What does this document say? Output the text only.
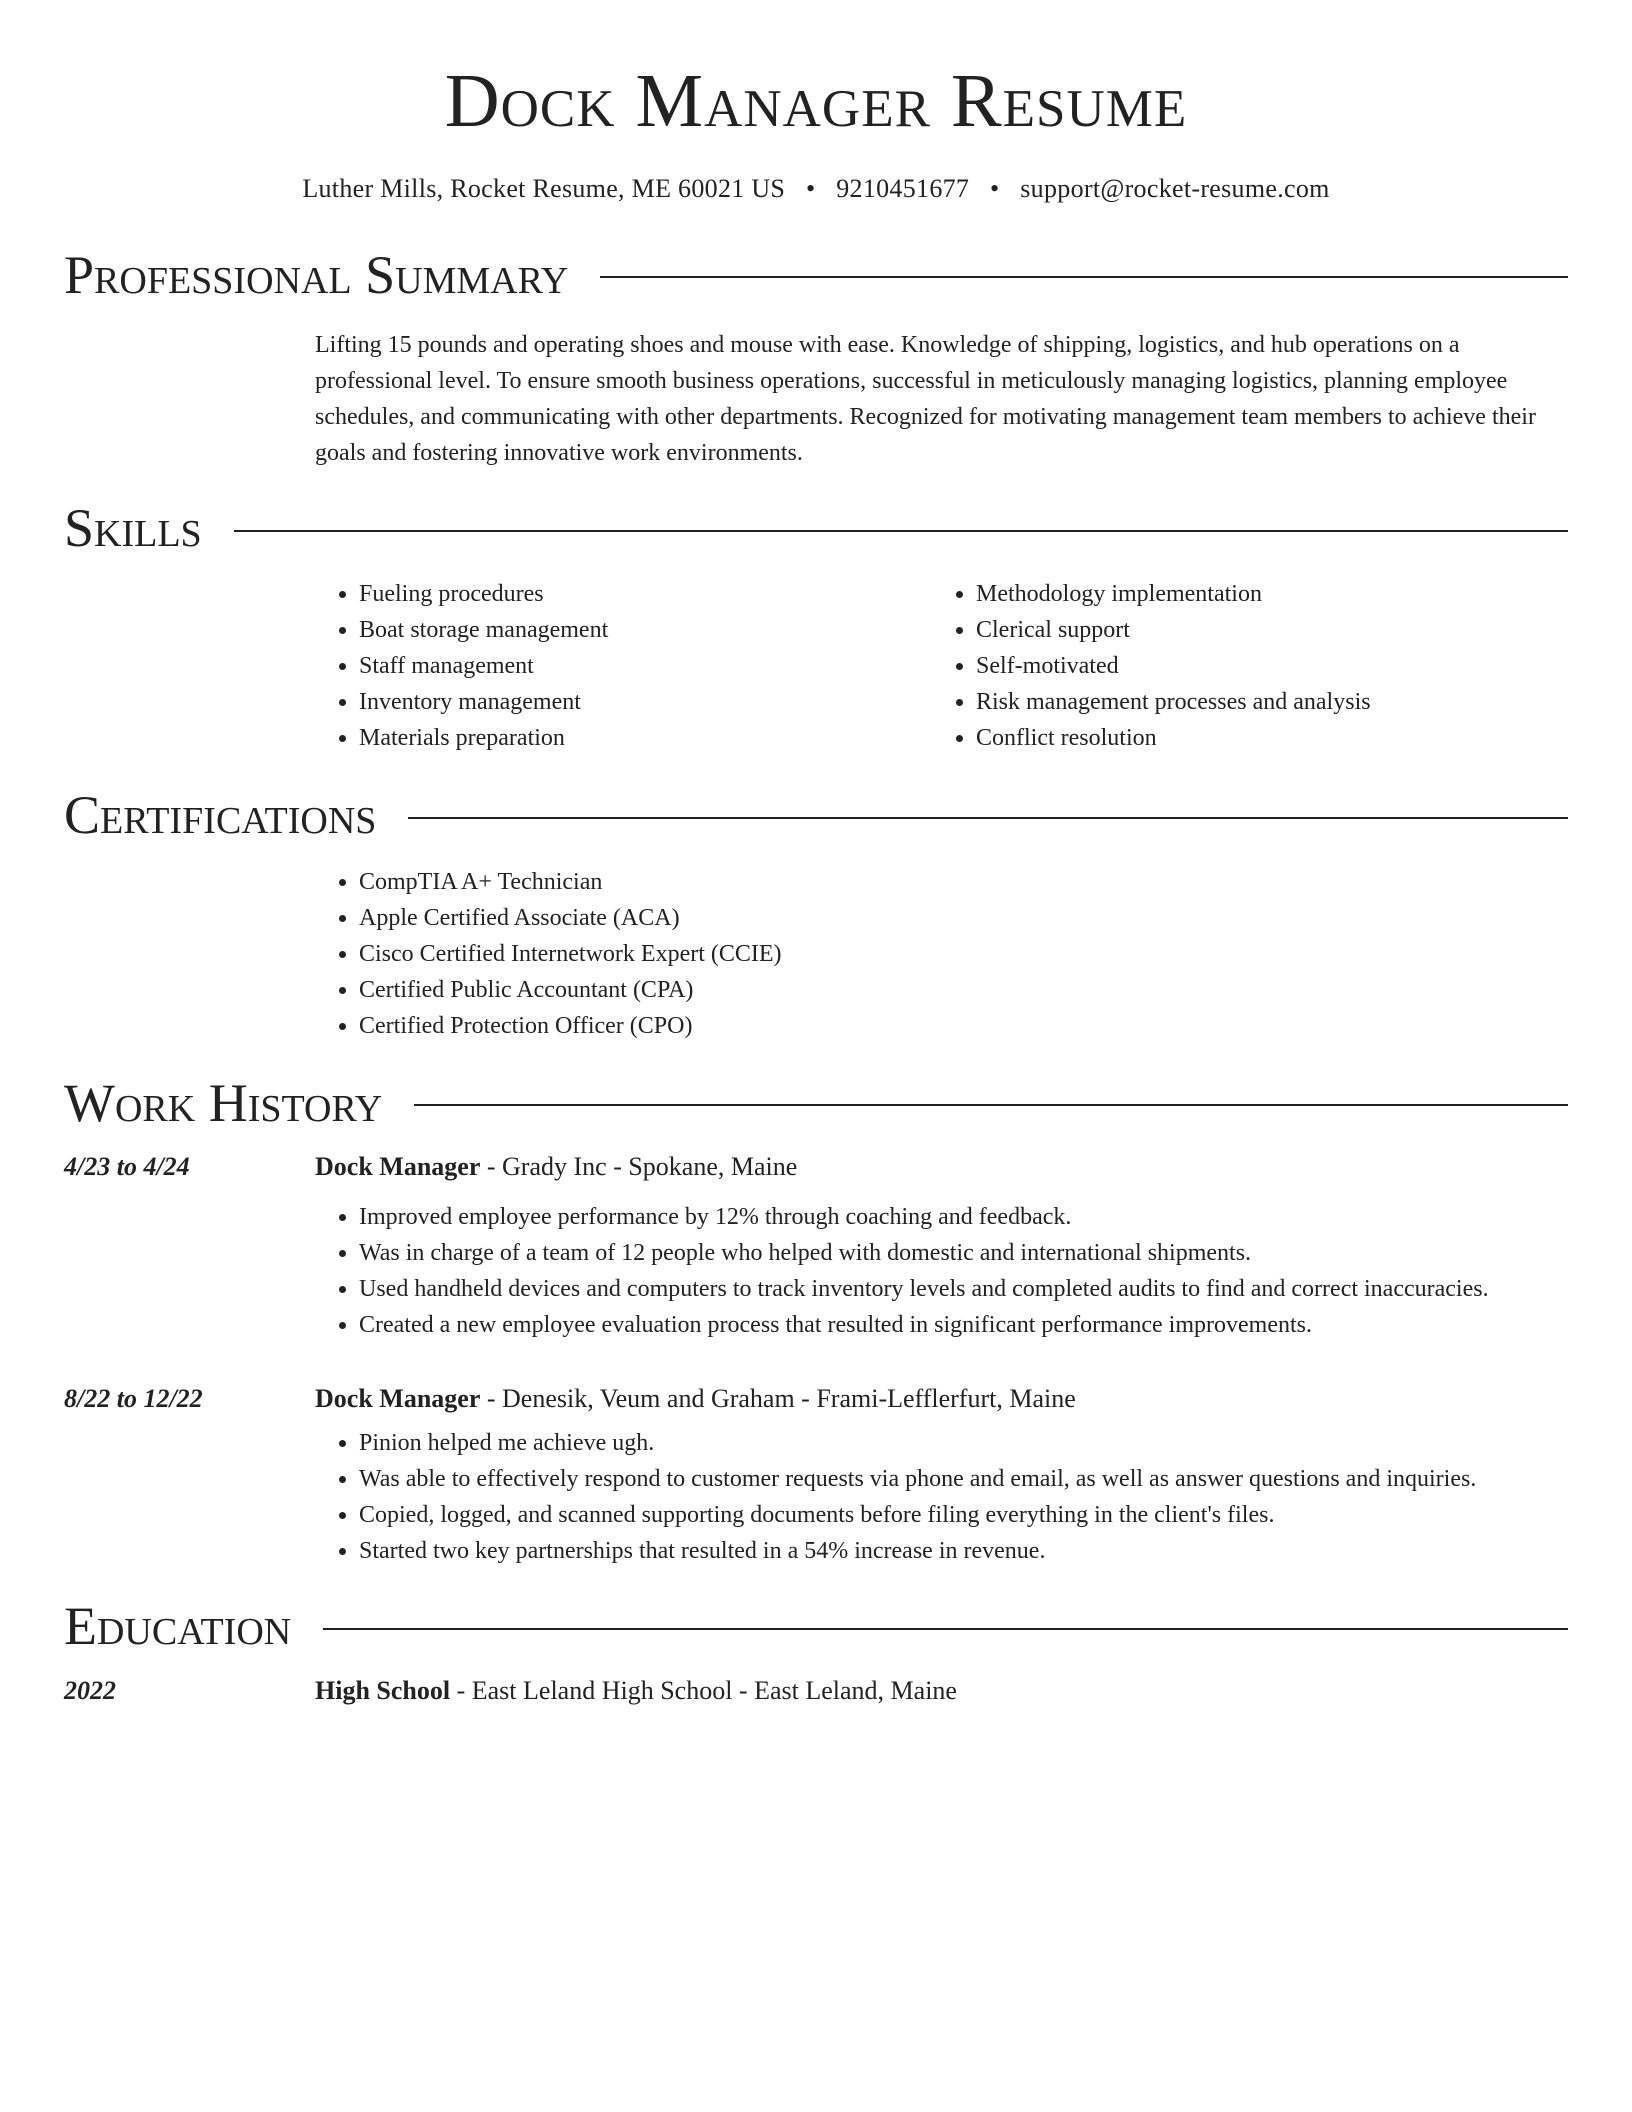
Dock Manager Resume
Luther Mills, Rocket Resume, ME 60021 US • 9210451677 • support@rocket-resume.com
Professional Summary

Lifting 15 pounds and operating shoes and mouse with ease. Knowledge of shipping, logistics, and hub operations on a professional level. To ensure smooth business operations, successful in meticulously managing logistics, planning employee schedules, and communicating with other departments. Recognized for motivating management team members to achieve their goals and fostering innovative work environments.

Skills
• Fueling procedures
• Boat storage management
• Staff management
• Inventory management
• Materials preparation
• Methodology implementation
• Clerical support
• Self-motivated
• Risk management processes and analysis
• Conflict resolution
Certifications
• CompTIA A+ Technician
• Apple Certified Associate (ACA)
• Cisco Certified Internetwork Expert (CCIE)
• Certified Public Accountant (CPA)
• Certified Protection Officer (CPO)
Work History
4/23 to 4/24	Dock Manager - Grady Inc - Spokane, Maine
• Improved employee performance by 12% through coaching and feedback.
• Was in charge of a team of 12 people who helped with domestic and international shipments.
• Used handheld devices and computers to track inventory levels and completed audits to find and correct inaccuracies.
• Created a new employee evaluation process that resulted in significant performance improvements.
8/22 to 12/22	Dock Manager - Denesik, Veum and Graham - Frami-Lefflerfurt, Maine
• Pinion helped me achieve ugh.
• Was able to effectively respond to customer requests via phone and email, as well as answer questions and inquiries.
• Copied, logged, and scanned supporting documents before filing everything in the client's files.
• Started two key partnerships that resulted in a 54% increase in revenue.
Education
2022	High School - East Leland High School - East Leland, Maine
